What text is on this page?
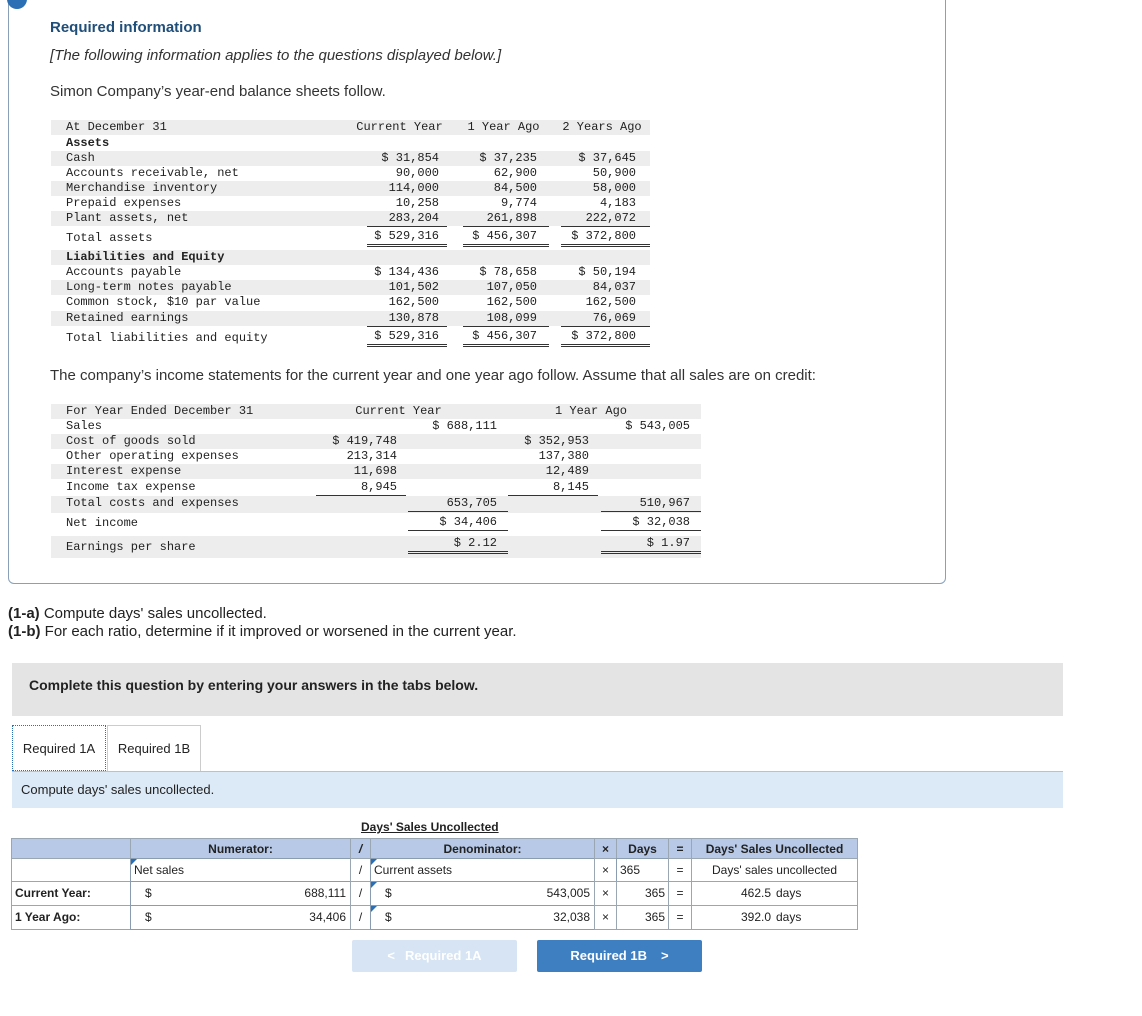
Required information
[The following information applies to the questions displayed below.]
Simon Company’s year-end balance sheets follow.
At December 31	Current Year	1 Year Ago	2 Years Ago
Assets
Cash	$ 31,854	$ 37,235	$ 37,645
Accounts receivable, net	90,000	62,900	50,900
Merchandise inventory	114,000	84,500	58,000
Prepaid expenses	10,258	9,774	4,183
Plant assets, net	283,204	261,898	222,072
Total assets	$ 529,316	$ 456,307	$ 372,800
Liabilities and Equity
Accounts payable	$ 134,436	$ 78,658	$ 50,194
Long-term notes payable	101,502	107,050	84,037
Common stock, $10 par value	162,500	162,500	162,500
Retained earnings	130,878	108,099	76,069
Total liabilities and equity	$ 529,316	$ 456,307	$ 372,800
The company’s income statements for the current year and one year ago follow. Assume that all sales are on credit:
For Year Ended December 31	Current Year	1 Year Ago
Sales	$ 688,111	$ 543,005
Cost of goods sold	$ 419,748	$ 352,953
Other operating expenses	213,314	137,380
Interest expense	11,698	12,489
Income tax expense	8,945	8,145
Total costs and expenses	653,705	510,967
Net income	$ 34,406	$ 32,038
Earnings per share	$ 2.12	$ 1.97
(1-a) Compute days' sales uncollected.
(1-b) For each ratio, determine if it improved or worsened in the current year.
Complete this question by entering your answers in the tabs below.
Required 1A	Required 1B
Compute days' sales uncollected.
Days' Sales Uncollected
Numerator:	/	Denominator:	×	Days	=	Days' Sales Uncollected
Net sales	/ Current assets	× 365	=	Days' sales uncollected
Current Year:	$	688,111	/	$	543,005 ×	365 =	462.5 days
1 Year Ago:	$	34,406	/	$	32,038 ×	365 =	392.0 days
< Required 1A	Required 1B >
